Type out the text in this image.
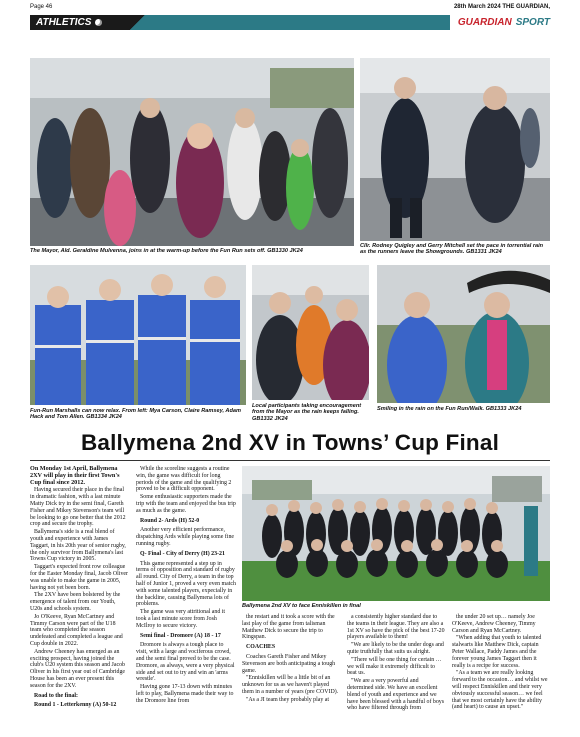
Page 46	28th March 2024 THE GUARDIAN,
ATHLETICS	GUARDIAN SPORT
The Mayor, Ald. Geraldine Mulvenna, joins in at the warm-up before the Fun Run sets off. GB1330 JK24
Cllr. Rodney Quigley and Gerry Mitchell set the pace in torrential rain as the runners leave the Showgrounds. GB1331 JK24
Fun-Run Marshalls can now relax. From left: Mya Carson, Claire Ramsey, Adam Hack and Tom Allen. GB1334 JK24
Local participants taking encouragement from the Mayor as the rain keeps falling. GB1332 JK24
Smiling in the rain on the Fun Run/Walk. GB1333 JK24
Ballymena 2nd XV in Towns’ Cup Final

On Monday 1st April, Ballymena 2XV will play in their first Town's Cup final since 2012.

Having secured their place in the final in dramatic fashion, with a last minute Matty Dick try in the semi final, Gareth Fisher and Mikey Stevenson's team will be looking to go one better that the 2012 crop and secure the trophy.

Ballymena's side is a real blend of youth and experience with James Taggart, in his 20th year of senior rugby, the only survivor from Ballymena's last Towns Cup victory in 2005.

Taggart's expected front row colleague for the Easter Monday final, Jacob Oliver was unable to make the game in 2005, having not yet been born.

The 2XV have been bolstered by the emergence of talent from our Youth, U20s and schools system.

Jo O'Keeve, Ryan McCartney and Timmy Carson were part of the U18 team who completed the season undefeated and completed a league and Cup double in 2022.

Andrew Cheeney has emerged as an exciting prospect, having joined the club's U20 system this season and Jacob Oliver in his first year out of Cambridge House has been an ever present this season for the 2XV.

Road to the final:
Round 1 - Letterkenny (A) 50-12

While the scoreline suggests a routine win, the game was difficult for long periods of the game and the qualifying 2 proved to be a difficult opponent.

Some enthusiastic supporters made the trip with the team and enjoyed the bus trip as much as the game.

Round 2- Ards (H) 52-0

Another very efficient performance, dispatching Ards while playing some fine running rugby.

Q- Final - City of Derry (H) 23-21

This game represented a step up in terms of opposition and standard of rugby all round. City of Derry, a team in the top half of Junior 1, proved a very even match with some talented players, expecially in the backline, causing Ballymena lots of problems.

The game was very attritional and it took a last minute score from Josh McIlroy to secure victory.

Semi final - Dromore (A) 18 - 17

Dromore is always a tough place to visit, with a large and vociferous crowd, and the semi final proved to be the case. Dromore, as always, were a very physical side and set out to try and win an 'arms wrestle'.

Having gone 17-13 down with minutes left to play, Ballymena made their way to the Dromore line from

Ballymena 2nd XV to face Enniskillen in final

the restart and it took a score with the last play of the game from talisman Matthew Dick to secure the trip to Kingspan.

COACHES

Coaches Gareth Fisher and Mikey Stevenson are both anticipating a tough game.

"Enniskillen will be a little bit of an unknown for us as we haven't played them in a number of years (pre COVID).

"As a JI team they probably play at

a consistently higher standard due to the teams in their league. They are also a 1st XV so have the pick of the best 17-20 players available to them!

"We are likely to be the under dogs and quite truthfully that suits us alright.

"There will be one thing for certain … we will make it extremely difficult to beat us.

"We are a very powerful and determined side. We have an excellent blend of youth and experience and we have been blessed with a handful of boys who have filtered through from

the under 20 set up… namely Joe O'Keeve, Andrew Cheeney, Timmy Carson and Ryan McCartney.

"When adding that youth to talented stalwarts like Matthew Dick, captain Peter Wallace, Paddy James and the forever young James Taggart then it really is a recipe for success.

"As a team we are really looking forward to the occasion… and whilst we will respect Enniskillen and their very obviously successful season… we feel that we most certainly have the ability (and heart) to cause an upset."
